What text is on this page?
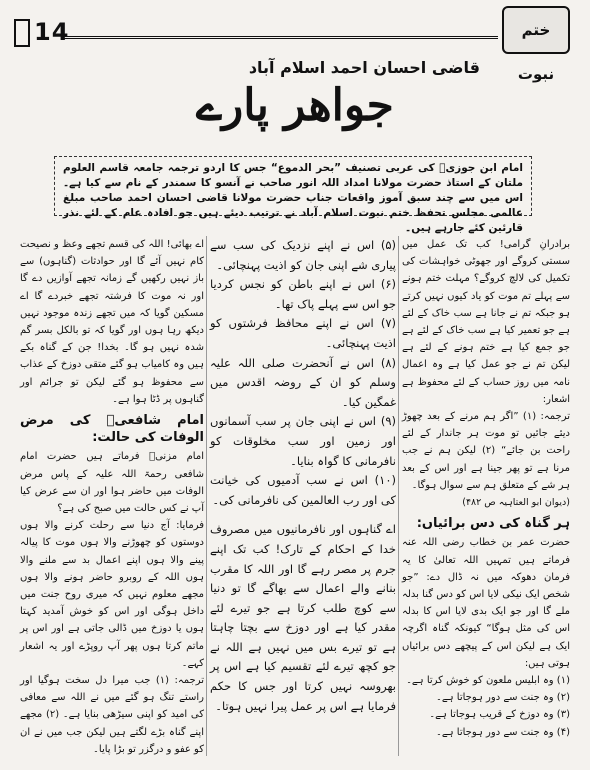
14	ختم نبوت
قاضی احسان احمد اسلام آباد
جواھر پارے
امام ابن جوزیؒ کی عربی تصنیف ”بحر الدموع“ جس کا اردو ترجمہ جامعہ قاسم العلوم ملتان کے استاذ حضرت مولانا امداد اللہ انور صاحب نے آنسو کا سمندر کے نام سے کیا ہے۔ اس میں سے چند سبق آموز واقعات جناب حضرت مولانا قاضی احسان احمد صاحب مبلغ عالمی مجلس تحفظ ختم نبوت اسلام آباد نے ترتیب دیئے ہیں جو افادہ عام کے لئے نذر قارئین کئے جارہے ہیں۔

برادرانِ گرامی! کب تک عمل میں سستی کروگے اور جھوٹی خواہشات کی تکمیل کی لالچ کروگے؟ مہلت ختم ہونے سے پہلے تم موت کو یاد کیوں نہیں کرتے ہو جبکہ تم نے جانا ہے سب خاک کے لئے ہے جو تعمیر کیا ہے سب خاک کے لئے ہے جو جمع کیا ہے ختم ہونے کے لئے ہے لیکن تم نے جو عمل کیا ہے وہ اعمال نامہ میں روز حساب کے لئے محفوظ ہے اشعار:

ترجمہ: (۱) ”اگر ہم مرنے کے بعد چھوڑ دیئے جائیں تو موت ہر جاندار کے لئے راحت بن جائے“ (۲) لیکن ہم نے جب مرنا ہے تو پھر جینا ہے اور اس کے بعد ہر شے کے متعلق ہم سے سوال ہوگا۔

(دیوان ابو العتاہیہ ص ۴۸۲)

ہر گناہ کی دس برائیاں:

حضرت عمر بن خطاب رضی اللہ عنہ فرماتے ہیں تمہیں اللہ تعالیٰ کا یہ فرمان دھوکہ میں نہ ڈال دے: ”جو شخص ایک نیکی لایا اس کو دس گنا بدلہ ملے گا اور جو ایک بدی لایا اس کا بدلہ اس کی مثل ہوگا“ کیونکہ گناہ اگرچہ ایک ہے لیکن اس کے پیچھے دس برائیاں ہوتی ہیں:

(۱) وہ ابلیس ملعون کو خوش کرتا ہے۔

(۲) وہ جنت سے دور ہوجاتا ہے۔

(۳) وہ دوزخ کے قریب ہوجاتا ہے۔

(۴) وہ جنت سے دور ہوجاتا ہے۔

(۵) اس نے اپنے نزدیک کی سب سے پیاری شے اپنی جان کو اذیت پہنچائی۔

(۶) اس نے اپنے باطن کو نجس کردیا جو اس سے پہلے پاک تھا۔

(۷) اس نے اپنے محافظ فرشتوں کو اذیت پہنچائی۔

(۸) اس نے آنحضرت صلی اللہ علیہ وسلم کو ان کے روضہ اقدس میں غمگین کیا۔

(۹) اس نے اپنی جان پر سب آسمانوں اور زمین اور سب مخلوقات کو نافرمانی کا گواہ بنایا۔

(۱۰) اس نے سب آدمیوں کی خیانت کی اور رب العالمین کی نافرمانی کی۔

اے گناہوں اور نافرمانیوں میں مصروف خدا کے احکام کے تارک! کب تک اپنے جرم پر مصر رہے گا اور اللہ کا مقرب بنانے والے اعمال سے بھاگے گا تو دنیا سے کوچ طلب کرتا ہے جو تیرے لئے مقدر کیا ہے اور دوزخ سے بچتا چاہتا ہے تو تیرے بس میں نہیں ہے اللہ نے جو کچھ تیرے لئے تقسیم کیا ہے اس پر بھروسہ نہیں کرتا اور جس کا حکم فرمایا ہے اس پر عمل پیرا نہیں ہوتا۔

اے بھائی! اللہ کی قسم تجھے وعظ و نصیحت کام نہیں آئے گا اور حوادثات (گناہوں) سے باز نہیں رکھیں گے زمانہ تجھے آوازیں دے گا اور نہ موت کا فرشتہ تجھے خبردے گا اے مسکین گویا کہ میں تجھے زندہ موجود نہیں دیکھ رہا ہوں اور گویا کہ تو بالکل بسر گم شدہ نہیں ہو گا۔ بخدا! جن کے گناہ بکے ہیں وہ کامیاب ہو گئے متقی دوزخ کے عذاب سے محفوظ ہو گئے لیکن تو جرائم اور گناہوں پر ڈٹا ہوا ہے۔

امام شافعیؒ کی مرض الوفات کی حالت:

امام مزنیؒ فرماتے ہیں حضرت امام شافعی رحمۃ اللہ علیہ کے پاس مرض الوفات میں حاضر ہوا اور ان سے عرض کیا آپ نے کس حالت میں صبح کی ہے؟

فرمایا: آج دنیا سے رحلت کرنے والا ہوں دوستوں کو چھوڑنے والا ہوں موت کا پیالہ پینے والا ہوں اپنے اعمال بد سے ملنے والا ہوں اللہ کے روبرو حاضر ہونے والا ہوں مجھے معلوم نہیں کہ میری روح جنت میں داخل ہوگی اور اس کو خوش آمدید کہتا ہوں یا دوزخ میں ڈالی جاتی ہے اور اس پر ماتم کرتا ہوں پھر آپ روپڑے اور یہ اشعار کہے۔

ترجمہ: (۱) جب میرا دل سخت ہوگیا اور راستے تنگ ہو گئے میں نے اللہ سے معافی کی امید کو اپنی سیڑھی بنایا ہے۔ (۲) مجھے اپنے گناہ بڑے لگتے ہیں لیکن جب میں نے ان کو عفو و درگزر تو بڑا پایا۔
